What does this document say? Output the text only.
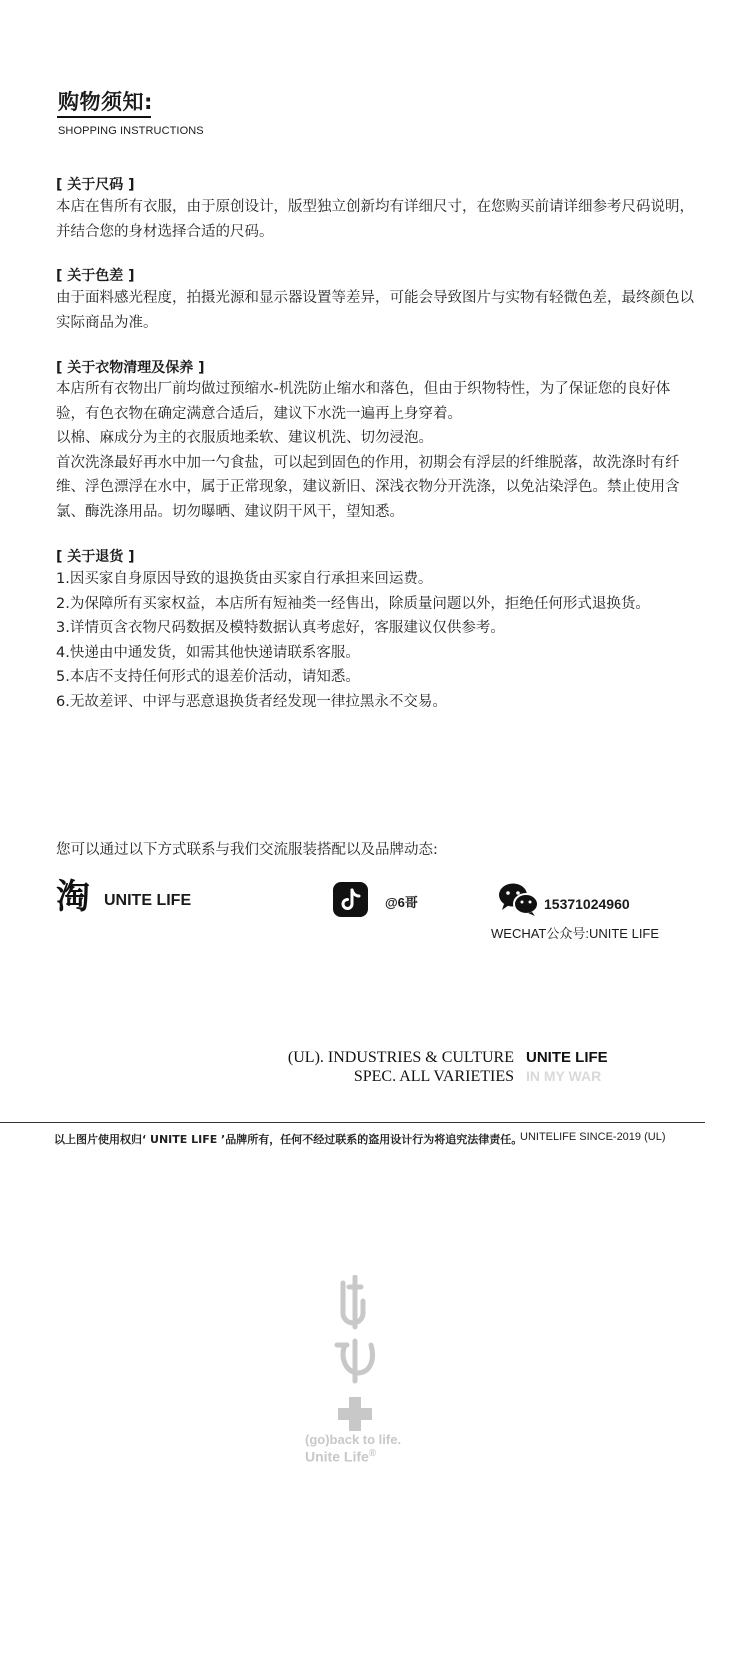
购物须知:
SHOPPING INSTRUCTIONS
[ 关于尺码 ]

本店在售所有衣服，由于原创设计，版型独立创新均有详细尺寸，在您购买前请详细参考尺码说明，并结合您的身材选择合适的尺码。

[ 关于色差 ]

由于面料感光程度，拍摄光源和显示器设置等差异，可能会导致图片与实物有轻微色差，最终颜色以实际商品为准。

[ 关于衣物清理及保养 ]

本店所有衣物出厂前均做过预缩水-机洗防止缩水和落色，但由于织物特性，为了保证您的良好体验，有色衣物在确定满意合适后，建议下水洗一遍再上身穿着。

以棉、麻成分为主的衣服质地柔软、建议机洗、切勿浸泡。

首次洗涤最好再水中加一勺食盐，可以起到固色的作用，初期会有浮层的纤维脱落，故洗涤时有纤维、浮色漂浮在水中，属于正常现象，建议新旧、深浅衣物分开洗涤，以免沾染浮色。禁止使用含氯、酶洗涤用品。切勿曝晒、建议阴干风干，望知悉。

[ 关于退货 ]

1.因买家自身原因导致的退换货由买家自行承担来回运费。

2.为保障所有买家权益，本店所有短袖类一经售出，除质量问题以外，拒绝任何形式退换货。

3.详情页含衣物尺码数据及模特数据认真考虑好，客服建议仅供参考。

4.快递由中通发货，如需其他快递请联系客服。

5.本店不支持任何形式的退差价活动，请知悉。

6.无故差评、中评与恶意退换货者经发现一律拉黑永不交易。

您可以通过以下方式联系与我们交流服装搭配以及品牌动态:
淘 UNITE LIFE	@6哥	15371024960
WECHAT公众号:UNITE LIFE
(UL). INDUSTRIES & CULTURE UNITE LIFE
SPEC. ALL VARIETIES IN MY WAR
以上图片使用权归‘ UNITE LIFE ’品牌所有，任何不经过联系的盗用设计行为将追究法律责任。
UNITELIFE SINCE-2019 (UL)
(go)back to life.
Unite Life®
